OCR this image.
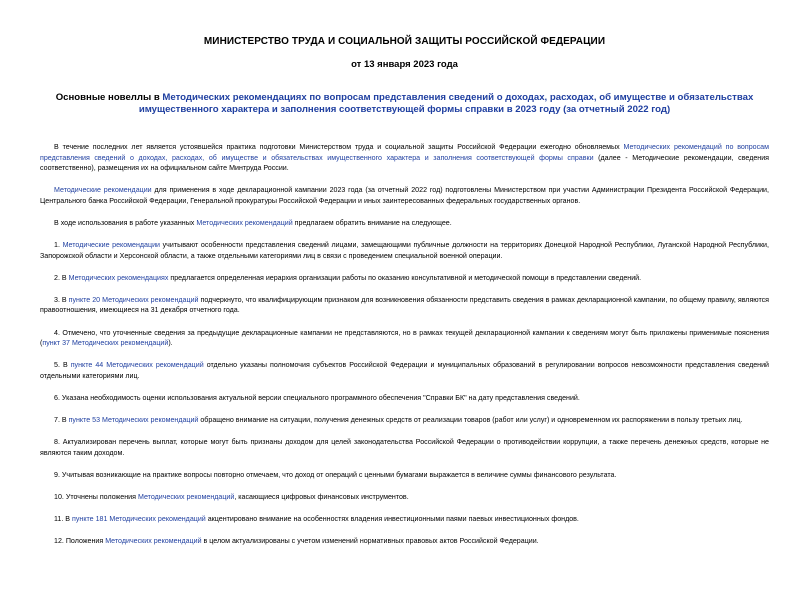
МИНИСТЕРСТВО ТРУДА И СОЦИАЛЬНОЙ ЗАЩИТЫ РОССИЙСКОЙ ФЕДЕРАЦИИ
от 13 января 2023 года
Основные новеллы в Методических рекомендациях по вопросам представления сведений о доходах, расходах, об имуществе и обязательствах имущественного характера и заполнения соответствующей формы справки в 2023 году (за отчетный 2022 год)

В течение последних лет является устоявшейся практика подготовки Министерством труда и социальной защиты Российской Федерации ежегодно обновляемых Методических рекомендаций по вопросам представления сведений о доходах, расходах, об имуществе и обязательствах имущественного характера и заполнения соответствующей формы справки (далее - Методические рекомендации, сведения соответственно), размещения их на официальном сайте Минтруда России.

Методические рекомендации для применения в ходе декларационной кампании 2023 года (за отчетный 2022 год) подготовлены Министерством при участии Администрации Президента Российской Федерации, Центрального банка Российской Федерации, Генеральной прокуратуры Российской Федерации и иных заинтересованных федеральных государственных органов.

В ходе использования в работе указанных Методических рекомендаций предлагаем обратить внимание на следующее.

1. Методические рекомендации учитывают особенности представления сведений лицами, замещающими публичные должности на территориях Донецкой Народной Республики, Луганской Народной Республики, Запорожской области и Херсонской области, а также отдельными категориями лиц в связи с проведением специальной военной операции.

2. В Методических рекомендациях предлагается определенная иерархия организации работы по оказанию консультативной и методической помощи в представлении сведений.

3. В пункте 20 Методических рекомендаций подчеркнуто, что квалифицирующим признаком для возникновения обязанности представить сведения в рамках декларационной кампании, по общему правилу, являются правоотношения, имеющиеся на 31 декабря отчетного года.

4. Отмечено, что уточненные сведения за предыдущие декларационные кампании не представляются, но в рамках текущей декларационной кампании к сведениям могут быть приложены применимые пояснения (пункт 37 Методических рекомендаций).

5. В пункте 44 Методических рекомендаций отдельно указаны полномочия субъектов Российской Федерации и муниципальных образований в регулировании вопросов невозможности представления сведений отдельными категориями лиц.

6. Указана необходимость оценки использования актуальной версии специального программного обеспечения "Справки БК" на дату представления сведений.

7. В пункте 53 Методических рекомендаций обращено внимание на ситуации, получения денежных средств от реализации товаров (работ или услуг) и одновременном их распоряжении в пользу третьих лиц.

8. Актуализирован перечень выплат, которые могут быть признаны доходом для целей законодательства Российской Федерации о противодействии коррупции, а также перечень денежных средств, которые не являются таким доходом.

9. Учитывая возникающие на практике вопросы повторно отмечаем, что доход от операций с ценными бумагами выражается в величине суммы финансового результата.

10. Уточнены положения Методических рекомендаций, касающиеся цифровых финансовых инструментов.

11. В пункте 181 Методических рекомендаций акцентировано внимание на особенностях владения инвестиционными паями паевых инвестиционных фондов.

12. Положения Методических рекомендаций в целом актуализированы с учетом изменений нормативных правовых актов Российской Федерации.
